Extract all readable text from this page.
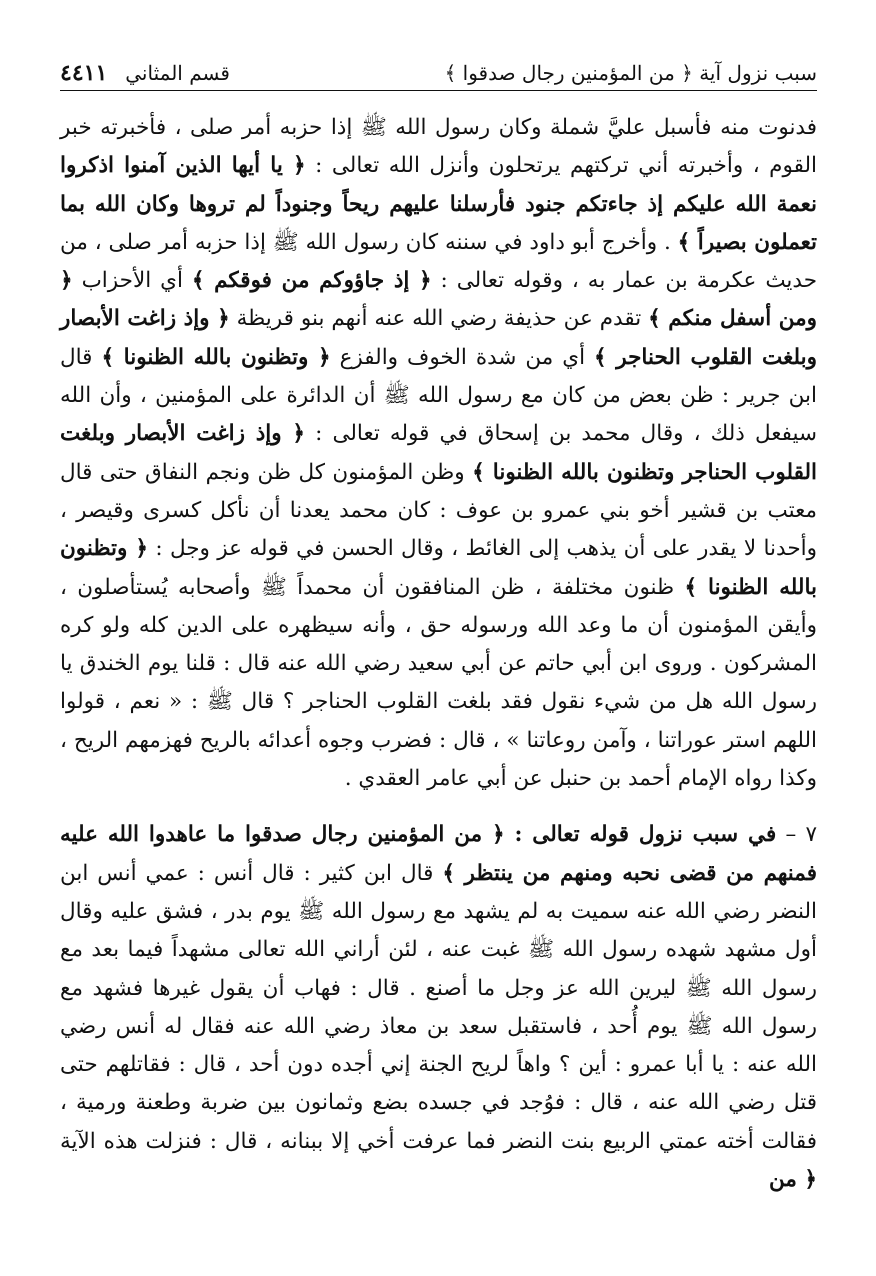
سبب نزول آية ﴿ من المؤمنين رجال صدقوا ﴾
قسم المثاني
٤٤١١

فدنوت منه فأسبل عليَّ شملة وكان رسول الله ﷺ إذا حزبه أمر صلى ، فأخبرته خبر القوم ، وأخبرته أني تركتهم يرتحلون وأنزل الله تعالى : ﴿ يا أيها الذين آمنوا اذكروا نعمة الله عليكم إذ جاءتكم جنود فأرسلنا عليهم ريحاً وجنوداً لم تروها وكان الله بما تعملون بصيراً ﴾ . وأخرج أبو داود في سننه كان رسول الله ﷺ إذا حزبه أمر صلى ، من حديث عكرمة بن عمار به ، وقوله تعالى : ﴿ إذ جاؤوكم من فوقكم ﴾ أي الأحزاب ﴿ ومن أسفل منكم ﴾ تقدم عن حذيفة رضي الله عنه أنهم بنو قريظة ﴿ وإذ زاغت الأبصار وبلغت القلوب الحناجر ﴾ أي من شدة الخوف والفزع ﴿ وتظنون بالله الظنونا ﴾ قال ابن جرير : ظن بعض من كان مع رسول الله ﷺ أن الدائرة على المؤمنين ، وأن الله سيفعل ذلك ، وقال محمد بن إسحاق في قوله تعالى : ﴿ وإذ زاغت الأبصار وبلغت القلوب الحناجر وتظنون بالله الظنونا ﴾ وظن المؤمنون كل ظن ونجم النفاق حتى قال معتب بن قشير أخو بني عمرو بن عوف : كان محمد يعدنا أن نأكل كسرى وقيصر ، وأحدنا لا يقدر على أن يذهب إلى الغائط ، وقال الحسن في قوله عز وجل : ﴿ وتظنون بالله الظنونا ﴾ ظنون مختلفة ، ظن المنافقون أن محمداً ﷺ وأصحابه يُستأصلون ، وأيقن المؤمنون أن ما وعد الله ورسوله حق ، وأنه سيظهره على الدين كله ولو كره المشركون . وروى ابن أبي حاتم عن أبي سعيد رضي الله عنه قال : قلنا يوم الخندق يا رسول الله هل من شيء نقول فقد بلغت القلوب الحناجر ؟ قال ﷺ : « نعم ، قولوا اللهم استر عوراتنا ، وآمن روعاتنا » ، قال : فضرب وجوه أعدائه بالريح فهزمهم الريح ، وكذا رواه الإمام أحمد بن حنبل عن أبي عامر العقدي .

٧ – في سبب نزول قوله تعالى : ﴿ من المؤمنين رجال صدقوا ما عاهدوا الله عليه فمنهم من قضى نحبه ومنهم من ينتظر ﴾ قال ابن كثير : قال أنس : عمي أنس ابن النضر رضي الله عنه سميت به لم يشهد مع رسول الله ﷺ يوم بدر ، فشق عليه وقال أول مشهد شهده رسول الله ﷺ غبت عنه ، لئن أراني الله تعالى مشهداً فيما بعد مع رسول الله ﷺ ليرين الله عز وجل ما أصنع . قال : فهاب أن يقول غيرها فشهد مع رسول الله ﷺ يوم أُحد ، فاستقبل سعد بن معاذ رضي الله عنه فقال له أنس رضي الله عنه : يا أبا عمرو : أين ؟ واهاً لريح الجنة إني أجده دون أحد ، قال : فقاتلهم حتى قتل رضي الله عنه ، قال : فوُجد في جسده بضع وثمانون بين ضربة وطعنة ورمية ، فقالت أخته عمتي الربيع بنت النضر فما عرفت أخي إلا ببنانه ، قال : فنزلت هذه الآية ﴿ من
